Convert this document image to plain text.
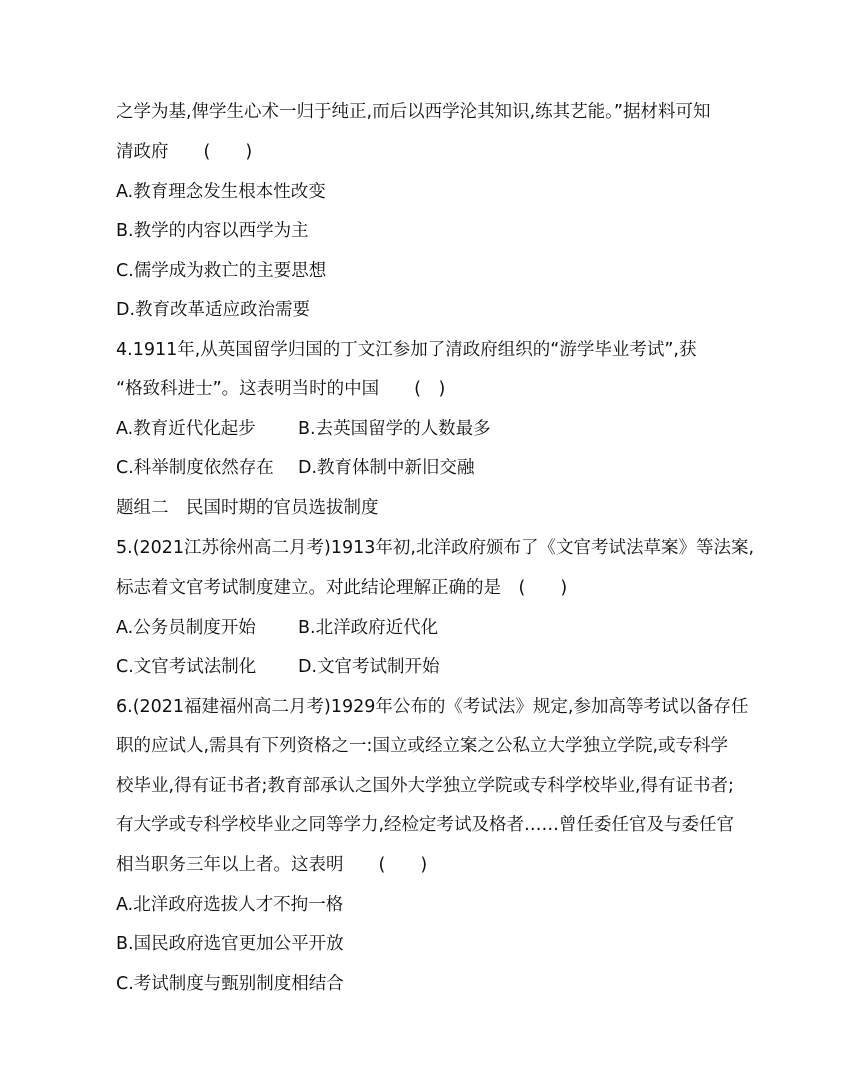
之学为基,俾学生心术一归于纯正,而后以西学沦其知识,练其艺能。”据材料可知
清政府　　(　　)
A.教育理念发生根本性改变
B.教学的内容以西学为主
C.儒学成为救亡的主要思想
D.教育改革适应政治需要
4.1911年,从英国留学归国的丁文江参加了清政府组织的“游学毕业考试”,获
“格致科进士”。这表明当时的中国　　(　)
A.教育近代化起步 B.去英国留学的人数最多
C.科举制度依然存在 D.教育体制中新旧交融
题组二　民国时期的官员选拔制度
5.(2021江苏徐州高二月考)1913年初,北洋政府颁布了《文官考试法草案》等法案,
标志着文官考试制度建立。对此结论理解正确的是　(　　)
A.公务员制度开始 B.北洋政府近代化
C.文官考试法制化 D.文官考试制开始
6.(2021福建福州高二月考)1929年公布的《考试法》规定,参加高等考试以备存任
职的应试人,需具有下列资格之一:国立或经立案之公私立大学独立学院,或专科学
校毕业,得有证书者;教育部承认之国外大学独立学院或专科学校毕业,得有证书者;
有大学或专科学校毕业之同等学力,经检定考试及格者……曾任委任官及与委任官
相当职务三年以上者。这表明　　(　　)
A.北洋政府选拔人才不拘一格
B.国民政府选官更加公平开放
C.考试制度与甄别制度相结合
